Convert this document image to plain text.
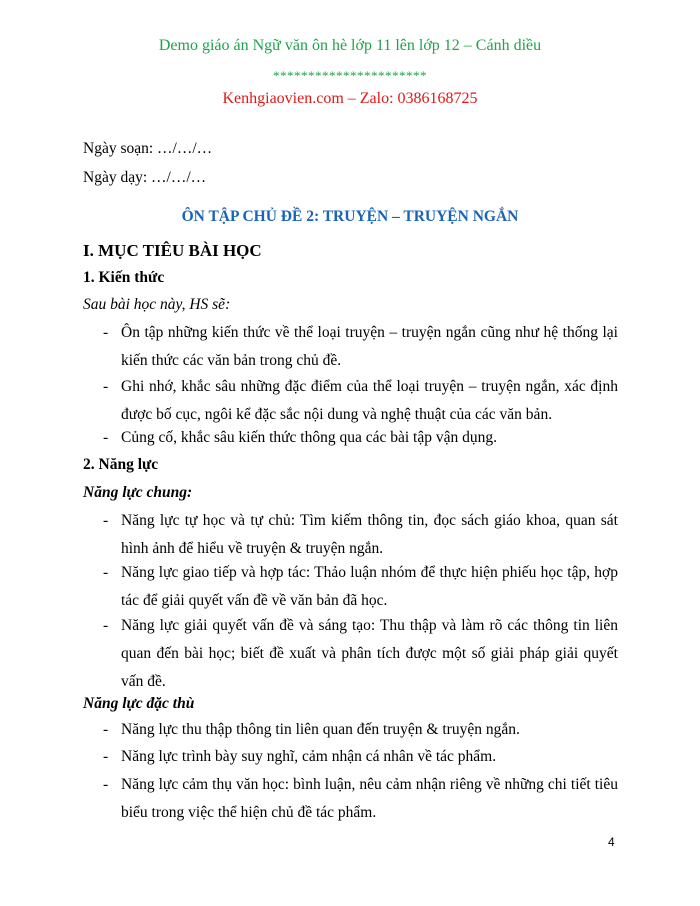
Demo giáo án Ngữ văn ôn hè lớp 11 lên lớp 12 – Cánh diều
**********************
Kenhgiaovien.com – Zalo: 0386168725
Ngày soạn: …/…/…
Ngày dạy: …/…/…
ÔN TẬP CHỦ ĐỀ 2: TRUYỆN – TRUYỆN NGẮN
I. MỤC TIÊU BÀI HỌC
1. Kiến thức
Sau bài học này, HS sẽ:
- Ôn tập những kiến thức về thể loại truyện – truyện ngắn cũng như hệ thống lại kiến thức các văn bản trong chủ đề.
- Ghi nhớ, khắc sâu những đặc điểm của thể loại truyện – truyện ngắn, xác định được bố cục, ngôi kể đặc sắc nội dung và nghệ thuật của các văn bản.
- Củng cố, khắc sâu kiến thức thông qua các bài tập vận dụng.
2. Năng lực
Năng lực chung:
- Năng lực tự học và tự chủ: Tìm kiếm thông tin, đọc sách giáo khoa, quan sát hình ảnh để hiểu về truyện & truyện ngắn.
- Năng lực giao tiếp và hợp tác: Thảo luận nhóm để thực hiện phiếu học tập, hợp tác để giải quyết vấn đề về văn bản đã học.
- Năng lực giải quyết vấn đề và sáng tạo: Thu thập và làm rõ các thông tin liên quan đến bài học; biết đề xuất và phân tích được một số giải pháp giải quyết vấn đề.
Năng lực đặc thù
- Năng lực thu thập thông tin liên quan đến truyện & truyện ngắn.
- Năng lực trình bày suy nghĩ, cảm nhận cá nhân về tác phẩm.
- Năng lực cảm thụ văn học: bình luận, nêu cảm nhận riêng về những chi tiết tiêu biểu trong việc thể hiện chủ đề tác phẩm.
4
